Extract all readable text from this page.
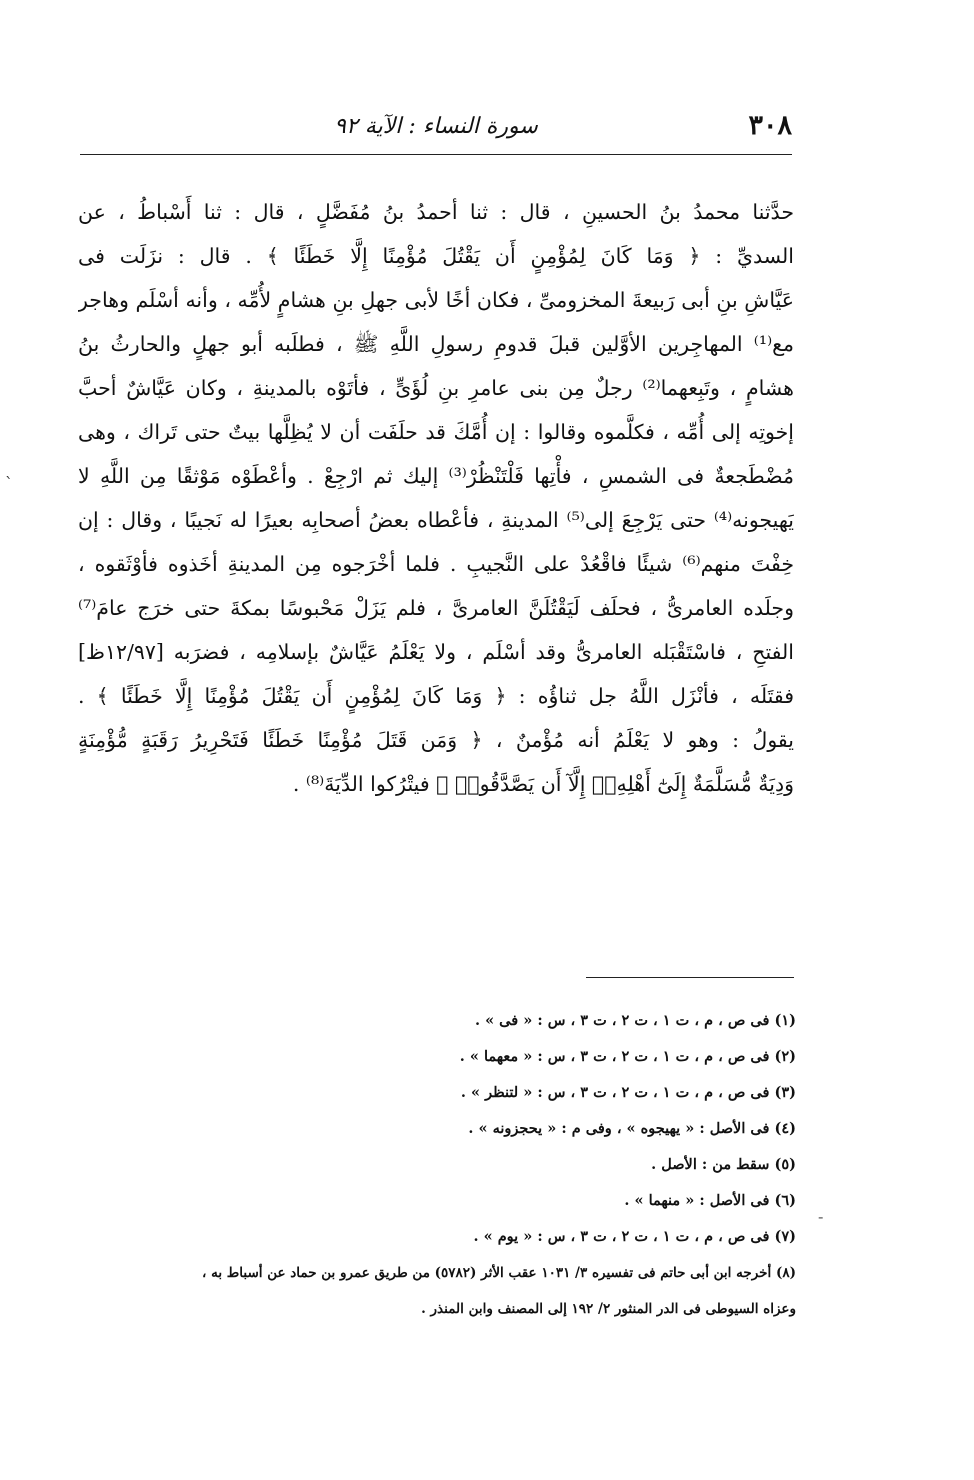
٣٠٨
سورة النساء : الآية ٩٢
`
حدَّثنا محمدُ بنُ الحسينِ ، قال : ثنا أحمدُ بنُ مُفَضَّلٍ ، قال : ثنا أَسْباطُ ، عن
السديِّ : ﴿ وَمَا كَانَ لِمُؤْمِنٍ أَن يَقْتُلَ مُؤْمِنًا إِلَّا خَطَئًا ﴾ . قال : نزَلَت فى
عَيَّاشِ بنِ أبى رَبيعةَ المخزومىِّ ، فكان أخًا لأبى جهلِ بنِ هشامٍ لأُمِّه ، وأنه أسْلَم وهاجر
مع⁽¹⁾ المهاجِرين الأوَّلين قبلَ قدومِ رسولِ اللَّهِ ﷺ ، فطلَبه أبو جهلٍ والحارثُ بنُ
هشامٍ ، وتَبِعهما⁽²⁾ رجلٌ مِن بنى عامرِ بنِ لُؤَىٍّ ، فأتَوْه بالمدينةِ ، وكان عَيَّاشٌ أحبَّ
إخوتِه إلى أُمِّه ، فكلَّموه وقالوا : إن أُمَّكَ قد حلَفَت أن لا يُظِلَّها بيتٌ حتى تَراك ، وهى
مُضْطَجعةٌ فى الشمسِ ، فأْتِها فَلْتَنْظُرْ⁽³⁾ إليك ثم ارْجِعْ . وأعْطَوْه مَوْثقًا مِن اللَّهِ لا
يَهيجونه⁽⁴⁾ حتى يَرْجِعَ إلى⁽⁵⁾ المدينةِ ، فأعْطاه بعضُ أصحابِه بعيرًا له نَجيبًا ، وقال : إن
خِفْتَ منهم⁽⁶⁾ شيئًا فاقْعُدْ على النَّجيبِ . فلما أخْرَجوه مِن المدينةِ أخَذوه فأوْثَقوه ،
وجلَده العامرىُّ ، فحلَف لَيَقْتُلَنَّ العامرىَّ ، فلم يَزَلْ مَحْبوسًا بمكةَ حتى خرَج عامَ⁽⁷⁾
الفتحِ ، فاسْتَقْبَله العامرىُّ وقد أسْلَم ، ولا يَعْلَمُ عَيَّاشٌ بإسلامِه ، فضرَبه [١٢/٩٧ظ]
فقتَلَه ، فأنْزَل اللَّهُ جل ثناؤُه : ﴿ وَمَا كَانَ لِمُؤْمِنٍ أَن يَقْتُلَ مُؤْمِنًا إِلَّا خَطَئًا ﴾ .
يقولُ : وهو لا يَعْلَمُ أنه مُؤْمنٌ ، ﴿ وَمَن قَتَلَ مُؤْمِنًا خَطَئًا فَتَحْرِيرُ رَقَبَةٍ مُّؤْمِنَةٍ
وَدِيَةٌ مُّسَلَّمَةٌ إِلَىٰٓ أَهْلِهِۦٓ إِلَّآ أَن يَصَّدَّقُوا۟ ﴾ فيتْرُكوا الدِّيَةَ⁽⁸⁾ .
-
(١) فى ص ، م ، ت ١ ، ت ٢ ، ت ٣ ، س : « فى » .
(٢) فى ص ، م ، ت ١ ، ت ٢ ، ت ٣ ، س : « معهما » .
(٣) فى ص ، م ، ت ١ ، ت ٢ ، ت ٣ ، س : « لتنظر » .
(٤) فى الأصل : « يهيجوه » ، وفى م : « يحجزونه » .
(٥) سقط من : الأصل .
(٦) فى الأصل : « منهما » .
(٧) فى ص ، م ، ت ١ ، ت ٢ ، ت ٣ ، س : « يوم » .
(٨) أخرجه ابن أبى حاتم فى تفسيره ٣/ ١٠٣١ عقب الأثر (٥٧٨٢) من طريق عمرو بن حماد عن أسباط به ،
وعزاه السيوطى فى الدر المنثور ٢/ ١٩٢ إلى المصنف وابن المنذر .
